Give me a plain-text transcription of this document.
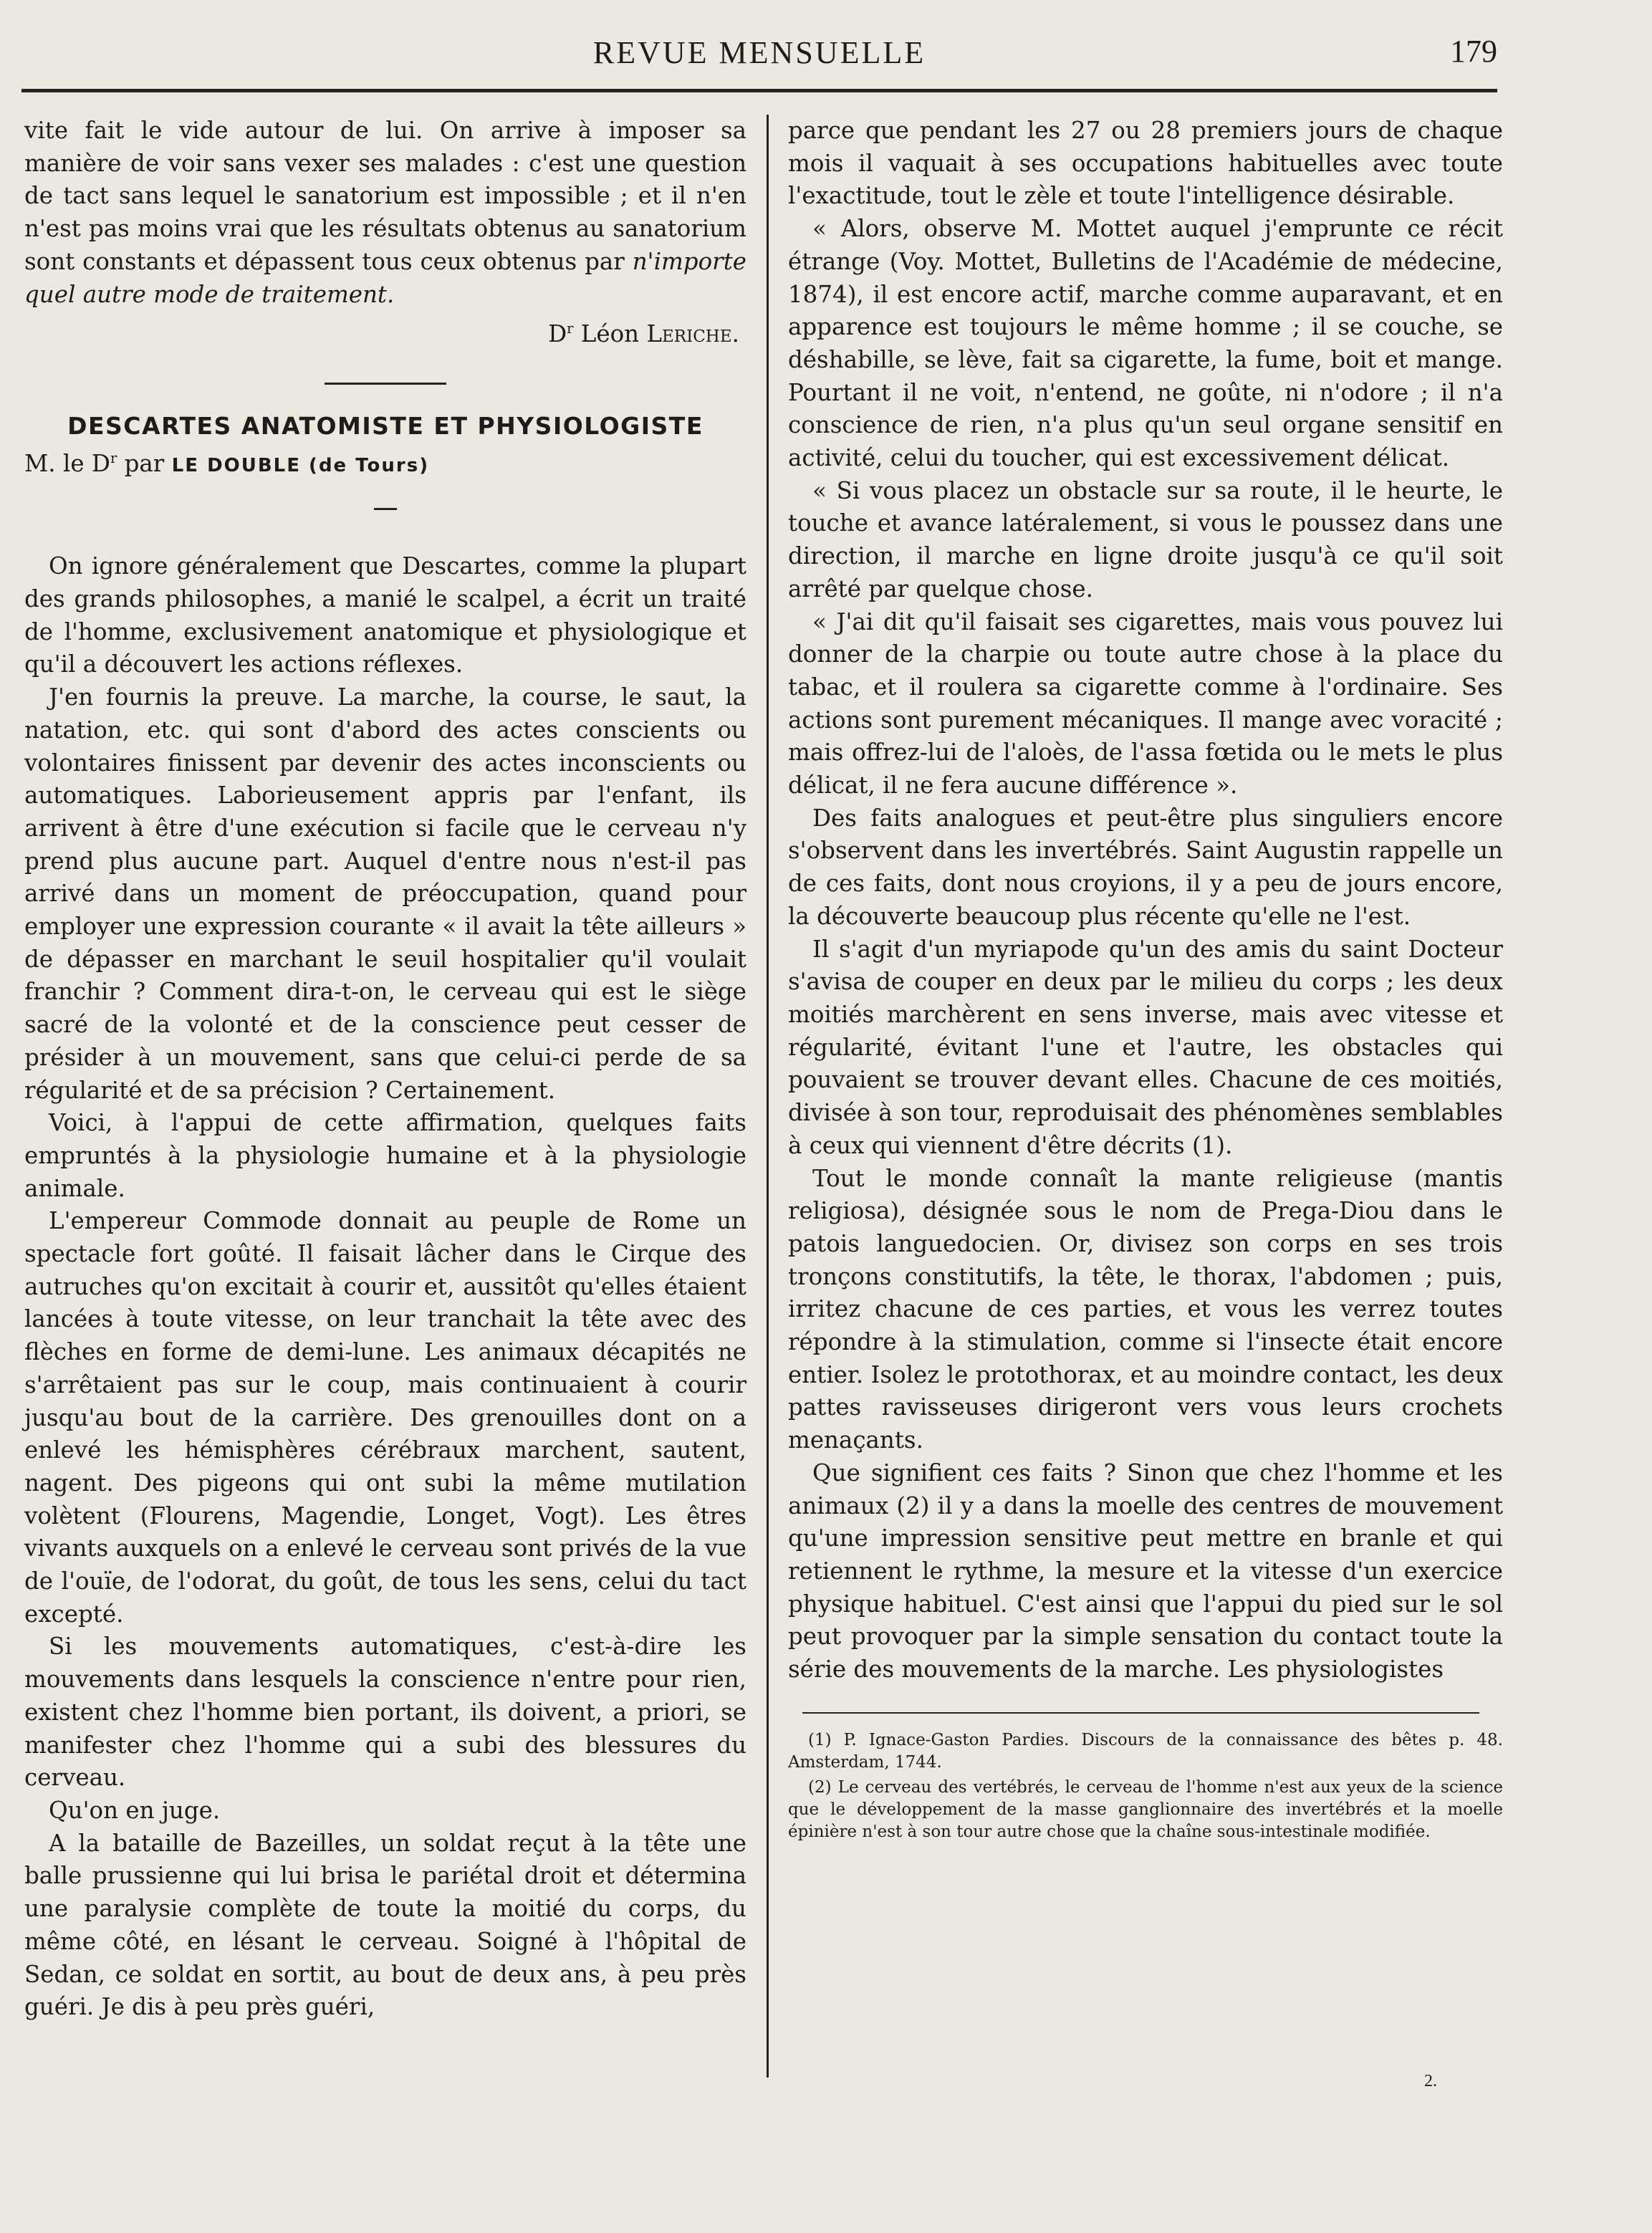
REVUE MENSUELLE	179

vite fait le vide autour de lui. On arrive à imposer sa manière de voir sans vexer ses malades : c'est une question de tact sans lequel le sanatorium est impossible ; et il n'en n'est pas moins vrai que les résultats obtenus au sanatorium sont constants et dépassent tous ceux obtenus par n'importe quel autre mode de traitement.

$D^r$ Léon Leriche.

DESCARTES ANATOMISTE ET PHYSIOLOGISTE

M. le $D^r$ par LE DOUBLE (de Tours)

On ignore généralement que Descartes, comme la plupart des grands philosophes, a manié le scalpel, a écrit un traité de l'homme, exclusivement anatomique et physiologique et qu'il a découvert les actions réflexes.

J'en fournis la preuve. La marche, la course, le saut, la natation, etc. qui sont d'abord des actes conscients ou volontaires finissent par devenir des actes inconscients ou automatiques. Laborieusement appris par l'enfant, ils arrivent à être d'une exécution si facile que le cerveau n'y prend plus aucune part. Auquel d'entre nous n'est-il pas arrivé dans un moment de préoccupation, quand pour employer une expression courante « il avait la tête ailleurs » de dépasser en marchant le seuil hospitalier qu'il voulait franchir ? Comment dira-t-on, le cerveau qui est le siège sacré de la volonté et de la conscience peut cesser de présider à un mouvement, sans que celui-ci perde de sa régularité et de sa précision ? Certainement.

Voici, à l'appui de cette affirmation, quelques faits empruntés à la physiologie humaine et à la physiologie animale.

L'empereur Commode donnait au peuple de Rome un spectacle fort goûté. Il faisait lâcher dans le Cirque des autruches qu'on excitait à courir et, aussitôt qu'elles étaient lancées à toute vitesse, on leur tranchait la tête avec des flèches en forme de demi-lune. Les animaux décapités ne s'arrêtaient pas sur le coup, mais continuaient à courir jusqu'au bout de la carrière. Des grenouilles dont on a enlevé les hémisphères cérébraux marchent, sautent, nagent. Des pigeons qui ont subi la même mutilation volètent (Flourens, Magendie, Longet, Vogt). Les êtres vivants auxquels on a enlevé le cerveau sont privés de la vue de l'ouïe, de l'odorat, du goût, de tous les sens, celui du tact excepté.

Si les mouvements automatiques, c'est-à-dire les mouvements dans lesquels la conscience n'entre pour rien, existent chez l'homme bien portant, ils doivent, a priori, se manifester chez l'homme qui a subi des blessures du cerveau.

Qu'on en juge.

A la bataille de Bazeilles, un soldat reçut à la tête une balle prussienne qui lui brisa le pariétal droit et détermina une paralysie complète de toute la moitié du corps, du même côté, en lésant le cerveau. Soigné à l'hôpital de Sedan, ce soldat en sortit, au bout de deux ans, à peu près guéri. Je dis à peu près guéri,

parce que pendant les 27 ou 28 premiers jours de chaque mois il vaquait à ses occupations habituelles avec toute l'exactitude, tout le zèle et toute l'intelligence désirable.

« Alors, observe M. Mottet auquel j'emprunte ce récit étrange (Voy. Mottet, Bulletins de l'Académie de médecine, 1874), il est encore actif, marche comme auparavant, et en apparence est toujours le même homme ; il se couche, se déshabille, se lève, fait sa cigarette, la fume, boit et mange. Pourtant il ne voit, n'entend, ne goûte, ni n'odore ; il n'a conscience de rien, n'a plus qu'un seul organe sensitif en activité, celui du toucher, qui est excessivement délicat.

« Si vous placez un obstacle sur sa route, il le heurte, le touche et avance latéralement, si vous le poussez dans une direction, il marche en ligne droite jusqu'à ce qu'il soit arrêté par quelque chose.

« J'ai dit qu'il faisait ses cigarettes, mais vous pouvez lui donner de la charpie ou toute autre chose à la place du tabac, et il roulera sa cigarette comme à l'ordinaire. Ses actions sont purement mécaniques. Il mange avec voracité ; mais offrez-lui de l'aloès, de l'assa fœtida ou le mets le plus délicat, il ne fera aucune différence ».

Des faits analogues et peut-être plus singuliers encore s'observent dans les invertébrés. Saint Augustin rappelle un de ces faits, dont nous croyions, il y a peu de jours encore, la découverte beaucoup plus récente qu'elle ne l'est.

Il s'agit d'un myriapode qu'un des amis du saint Docteur s'avisa de couper en deux par le milieu du corps ; les deux moitiés marchèrent en sens inverse, mais avec vitesse et régularité, évitant l'une et l'autre, les obstacles qui pouvaient se trouver devant elles. Chacune de ces moitiés, divisée à son tour, reproduisait des phénomènes semblables à ceux qui viennent d'être décrits (1).

Tout le monde connaît la mante religieuse (mantis religiosa), désignée sous le nom de Prega-Diou dans le patois languedocien. Or, divisez son corps en ses trois tronçons constitutifs, la tête, le thorax, l'abdomen ; puis, irritez chacune de ces parties, et vous les verrez toutes répondre à la stimulation, comme si l'insecte était encore entier. Isolez le protothorax, et au moindre contact, les deux pattes ravisseuses dirigeront vers vous leurs crochets menaçants.

Que signifient ces faits ? Sinon que chez l'homme et les animaux (2) il y a dans la moelle des centres de mouvement qu'une impression sensitive peut mettre en branle et qui retiennent le rythme, la mesure et la vitesse d'un exercice physique habituel. C'est ainsi que l'appui du pied sur le sol peut provoquer par la simple sensation du contact toute la série des mouvements de la marche. Les physiologistes

(1) P. Ignace-Gaston Pardies. Discours de la connaissance des bêtes p. 48. Amsterdam, 1744.

(2) Le cerveau des vertébrés, le cerveau de l'homme n'est aux yeux de la science que le développement de la masse ganglionnaire des invertébrés et la moelle épinière n'est à son tour autre chose que la chaîne sous-intestinale modifiée.

2.
